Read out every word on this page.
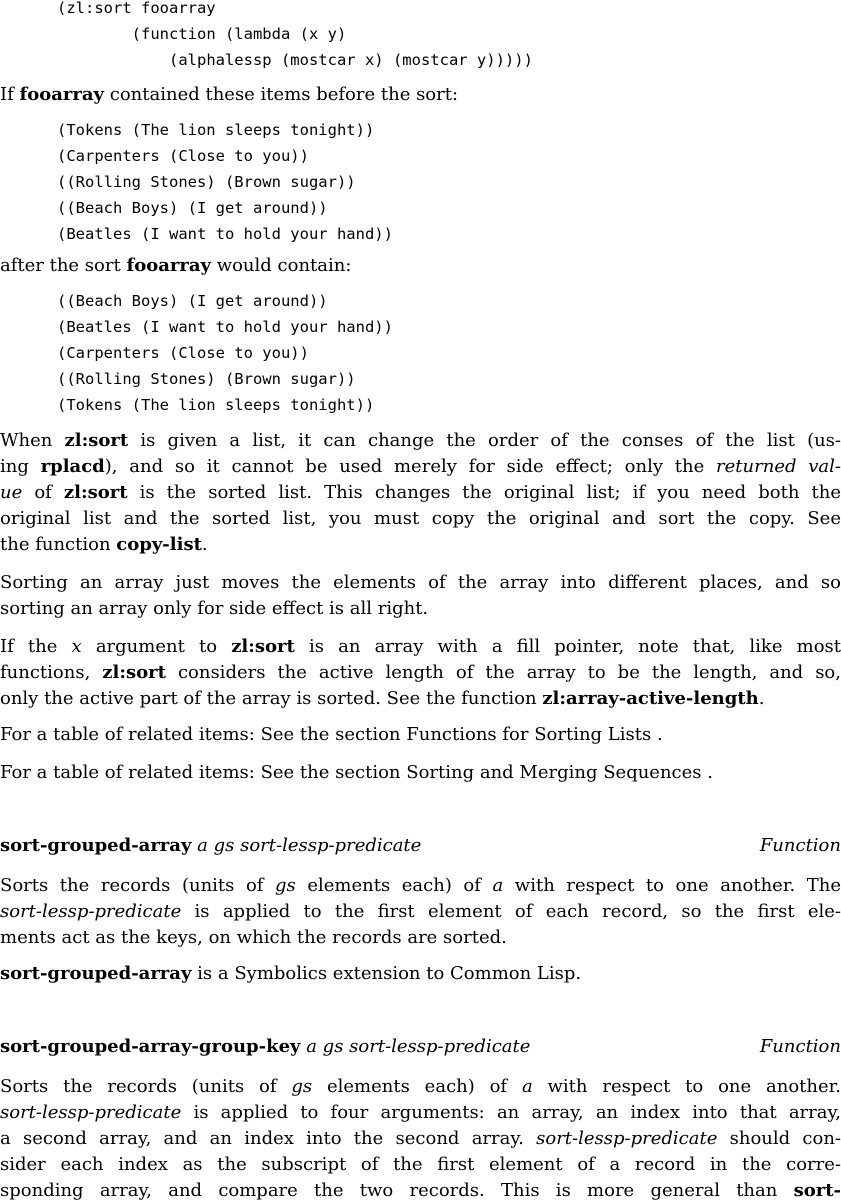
(zl:sort fooarray
(function (lambda (x y)
(alphalessp (mostcar x) (mostcar y)))))
If fooarray contained these items before the sort:
(Tokens (The lion sleeps tonight))
(Carpenters (Close to you))
((Rolling Stones) (Brown sugar))
((Beach Boys) (I get around))
(Beatles (I want to hold your hand))
after the sort fooarray would contain:
((Beach Boys) (I get around))
(Beatles (I want to hold your hand))
(Carpenters (Close to you))
((Rolling Stones) (Brown sugar))
(Tokens (The lion sleeps tonight))
When zl:sort is given a list, it can change the order of the conses of the list (us-
ing rplacd), and so it cannot be used merely for side effect; only the returned val-
ue of zl:sort is the sorted list. This changes the original list; if you need both the
original list and the sorted list, you must copy the original and sort the copy. See
the function copy-list.
Sorting an array just moves the elements of the array into different places, and so
sorting an array only for side effect is all right.
If the x argument to zl:sort is an array with a fill pointer, note that, like most
functions, zl:sort considers the active length of the array to be the length, and so,
only the active part of the array is sorted. See the function zl:array-active-length.
For a table of related items: See the section Functions for Sorting Lists .
For a table of related items: See the section Sorting and Merging Sequences .
sort-grouped-array a gs sort-lessp-predicate	Function
Sorts the records (units of gs elements each) of a with respect to one another. The
sort-lessp-predicate is applied to the first element of each record, so the first ele-
ments act as the keys, on which the records are sorted.
sort-grouped-array is a Symbolics extension to Common Lisp.
sort-grouped-array-group-key a gs sort-lessp-predicate	Function
Sorts the records (units of gs elements each) of a with respect to one another.
sort-lessp-predicate is applied to four arguments: an array, an index into that array,
a second array, and an index into the second array. sort-lessp-predicate should con-
sider each index as the subscript of the first element of a record in the corre-
sponding array, and compare the two records. This is more general than sort-
